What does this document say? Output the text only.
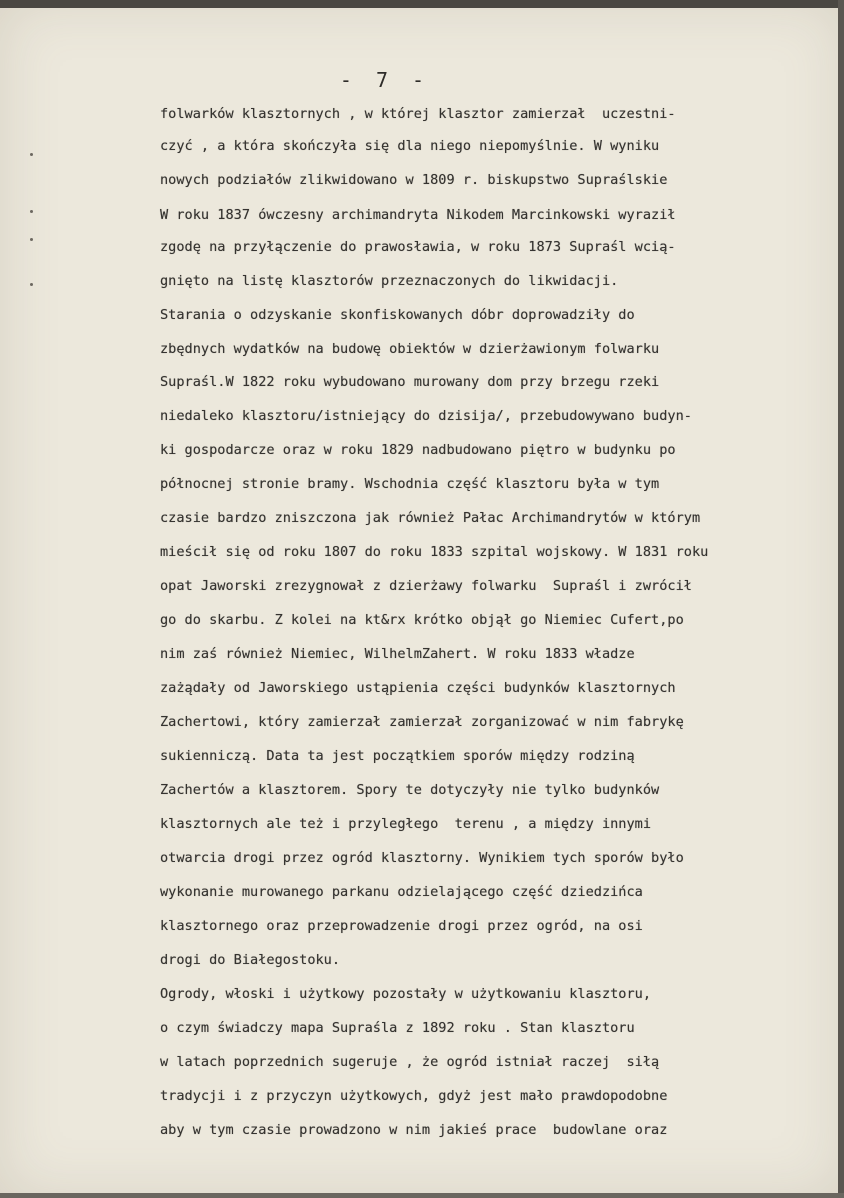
- 7 -
folwarków klasztornych , w której klasztor zamierzał  uczestni-
czyć , a która skończyła się dla niego niepomyślnie. W wyniku
nowych podziałów zlikwidowano w 1809 r. biskupstwo Supraślskie
W roku 1837 ówczesny archimandryta Nikodem Marcinkowski wyraził
zgodę na przyłączenie do prawosławia, w roku 1873 Supraśl wcią-
gnięto na listę klasztorów przeznaczonych do likwidacji.
Starania o odzyskanie skonfiskowanych dóbr doprowadziły do
zbędnych wydatków na budowę obiektów w dzierżawionym folwarku
Supraśl.W 1822 roku wybudowano murowany dom przy brzegu rzeki
niedaleko klasztoru/istniejący do dzisija/, przebudowywano budyn-
ki gospodarcze oraz w roku 1829 nadbudowano piętro w budynku po
północnej stronie bramy. Wschodnia część klasztoru była w tym
czasie bardzo zniszczona jak również Pałac Archimandrytów w którym
mieścił się od roku 1807 do roku 1833 szpital wojskowy. W 1831 roku
opat Jaworski zrezygnował z dzierżawy folwarku  Supraśl i zwrócił
go do skarbu. Z kolei na kt&rx krótko objął go Niemiec Cufert,po
nim zaś również Niemiec, WilhelmZahert. W roku 1833 władze
zażądały od Jaworskiego ustąpienia części budynków klasztornych
Zachertowi, który zamierzał zamierzał zorganizować w nim fabrykę
sukienniczą. Data ta jest początkiem sporów między rodziną
Zachertów a klasztorem. Spory te dotyczyły nie tylko budynków
klasztornych ale też i przyległego  terenu , a między innymi
otwarcia drogi przez ogród klasztorny. Wynikiem tych sporów było
wykonanie murowanego parkanu odzielającego część dziedzińca
klasztornego oraz przeprowadzenie drogi przez ogród, na osi
drogi do Białegostoku.
Ogrody, włoski i użytkowy pozostały w użytkowaniu klasztoru,
o czym świadczy mapa Supraśla z 1892 roku . Stan klasztoru
w latach poprzednich sugeruje , że ogród istniał raczej  siłą
tradycji i z przyczyn użytkowych, gdyż jest mało prawdopodobne
aby w tym czasie prowadzono w nim jakieś prace  budowlane oraz
